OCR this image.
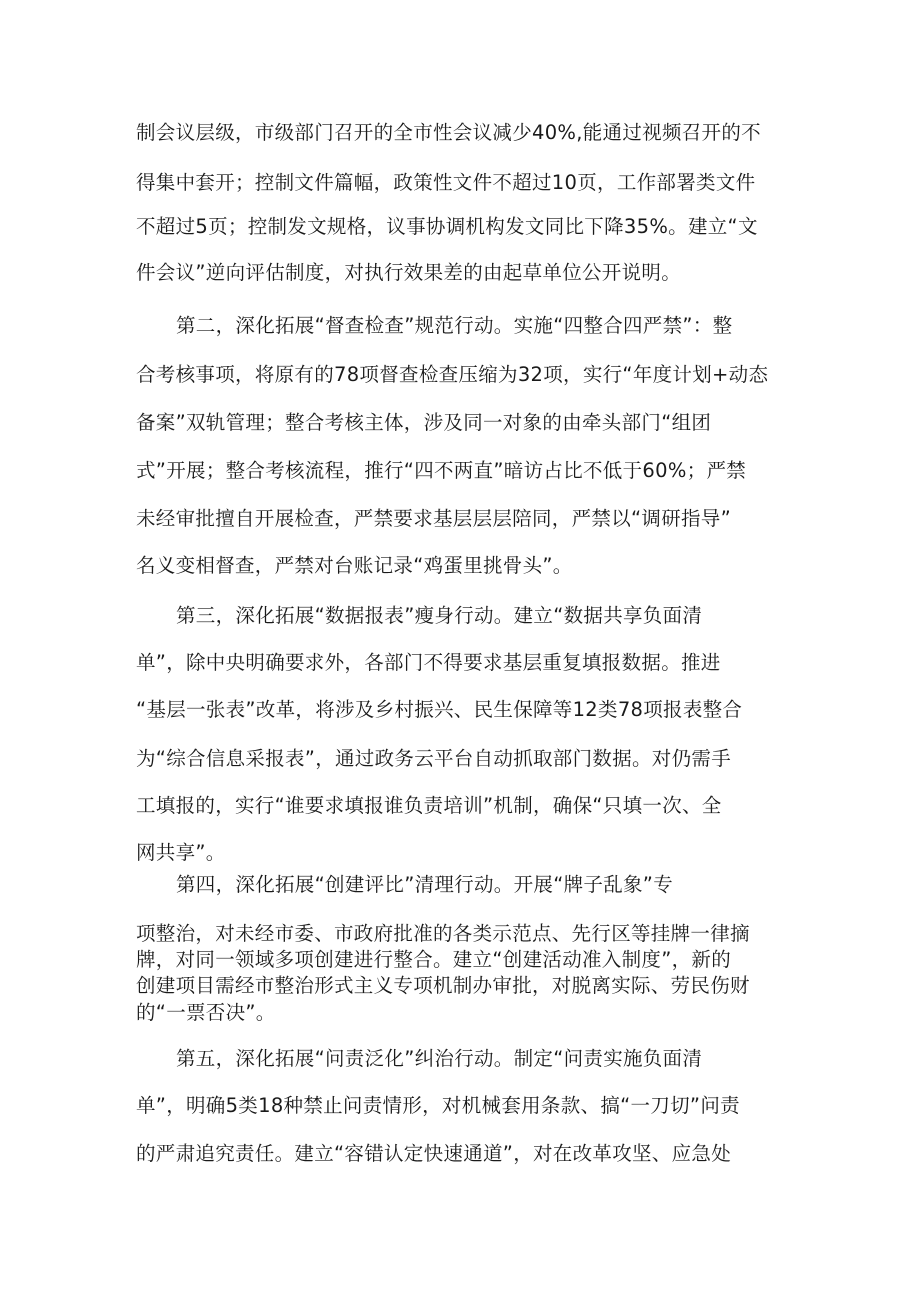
制会议层级，市级部门召开的全市性会议减少40%,能通过视频召开的不
得集中套开；控制文件篇幅，政策性文件不超过10页，工作部署类文件
不超过5页；控制发文规格，议事协调机构发文同比下降35%。建立“文
件会议”逆向评估制度，对执行效果差的由起草单位公开说明。
第二，深化拓展“督查检查”规范行动。实施“四整合四严禁”：整
合考核事项，将原有的78项督查检查压缩为32项，实行“年度计划+动态
备案”双轨管理；整合考核主体，涉及同一对象的由牵头部门“组团
式”开展；整合考核流程，推行“四不两直”暗访占比不低于60%；严禁
未经审批擅自开展检查，严禁要求基层层层陪同，严禁以“调研指导”
名义变相督查，严禁对台账记录“鸡蛋里挑骨头”。
第三，深化拓展“数据报表”瘦身行动。建立“数据共享负面清
单”，除中央明确要求外，各部门不得要求基层重复填报数据。推进
“基层一张表”改革，将涉及乡村振兴、民生保障等12类78项报表整合
为“综合信息采报表”，通过政务云平台自动抓取部门数据。对仍需手
工填报的，实行“谁要求填报谁负责培训”机制，确保“只填一次、全
网共享”。
第四，深化拓展“创建评比”清理行动。开展“牌子乱象”专
项整治，对未经市委、市政府批准的各类示范点、先行区等挂牌一律摘
牌，对同一领域多项创建进行整合。建立“创建活动准入制度”，新的
创建项目需经市整治形式主义专项机制办审批，对脱离实际、劳民伤财
的“一票否决”。
第五，深化拓展“问责泛化”纠治行动。制定“问责实施负面清
单”，明确5类18种禁止问责情形，对机械套用条款、搞“一刀切”问责
的严肃追究责任。建立“容错认定快速通道”，对在改革攻坚、应急处
